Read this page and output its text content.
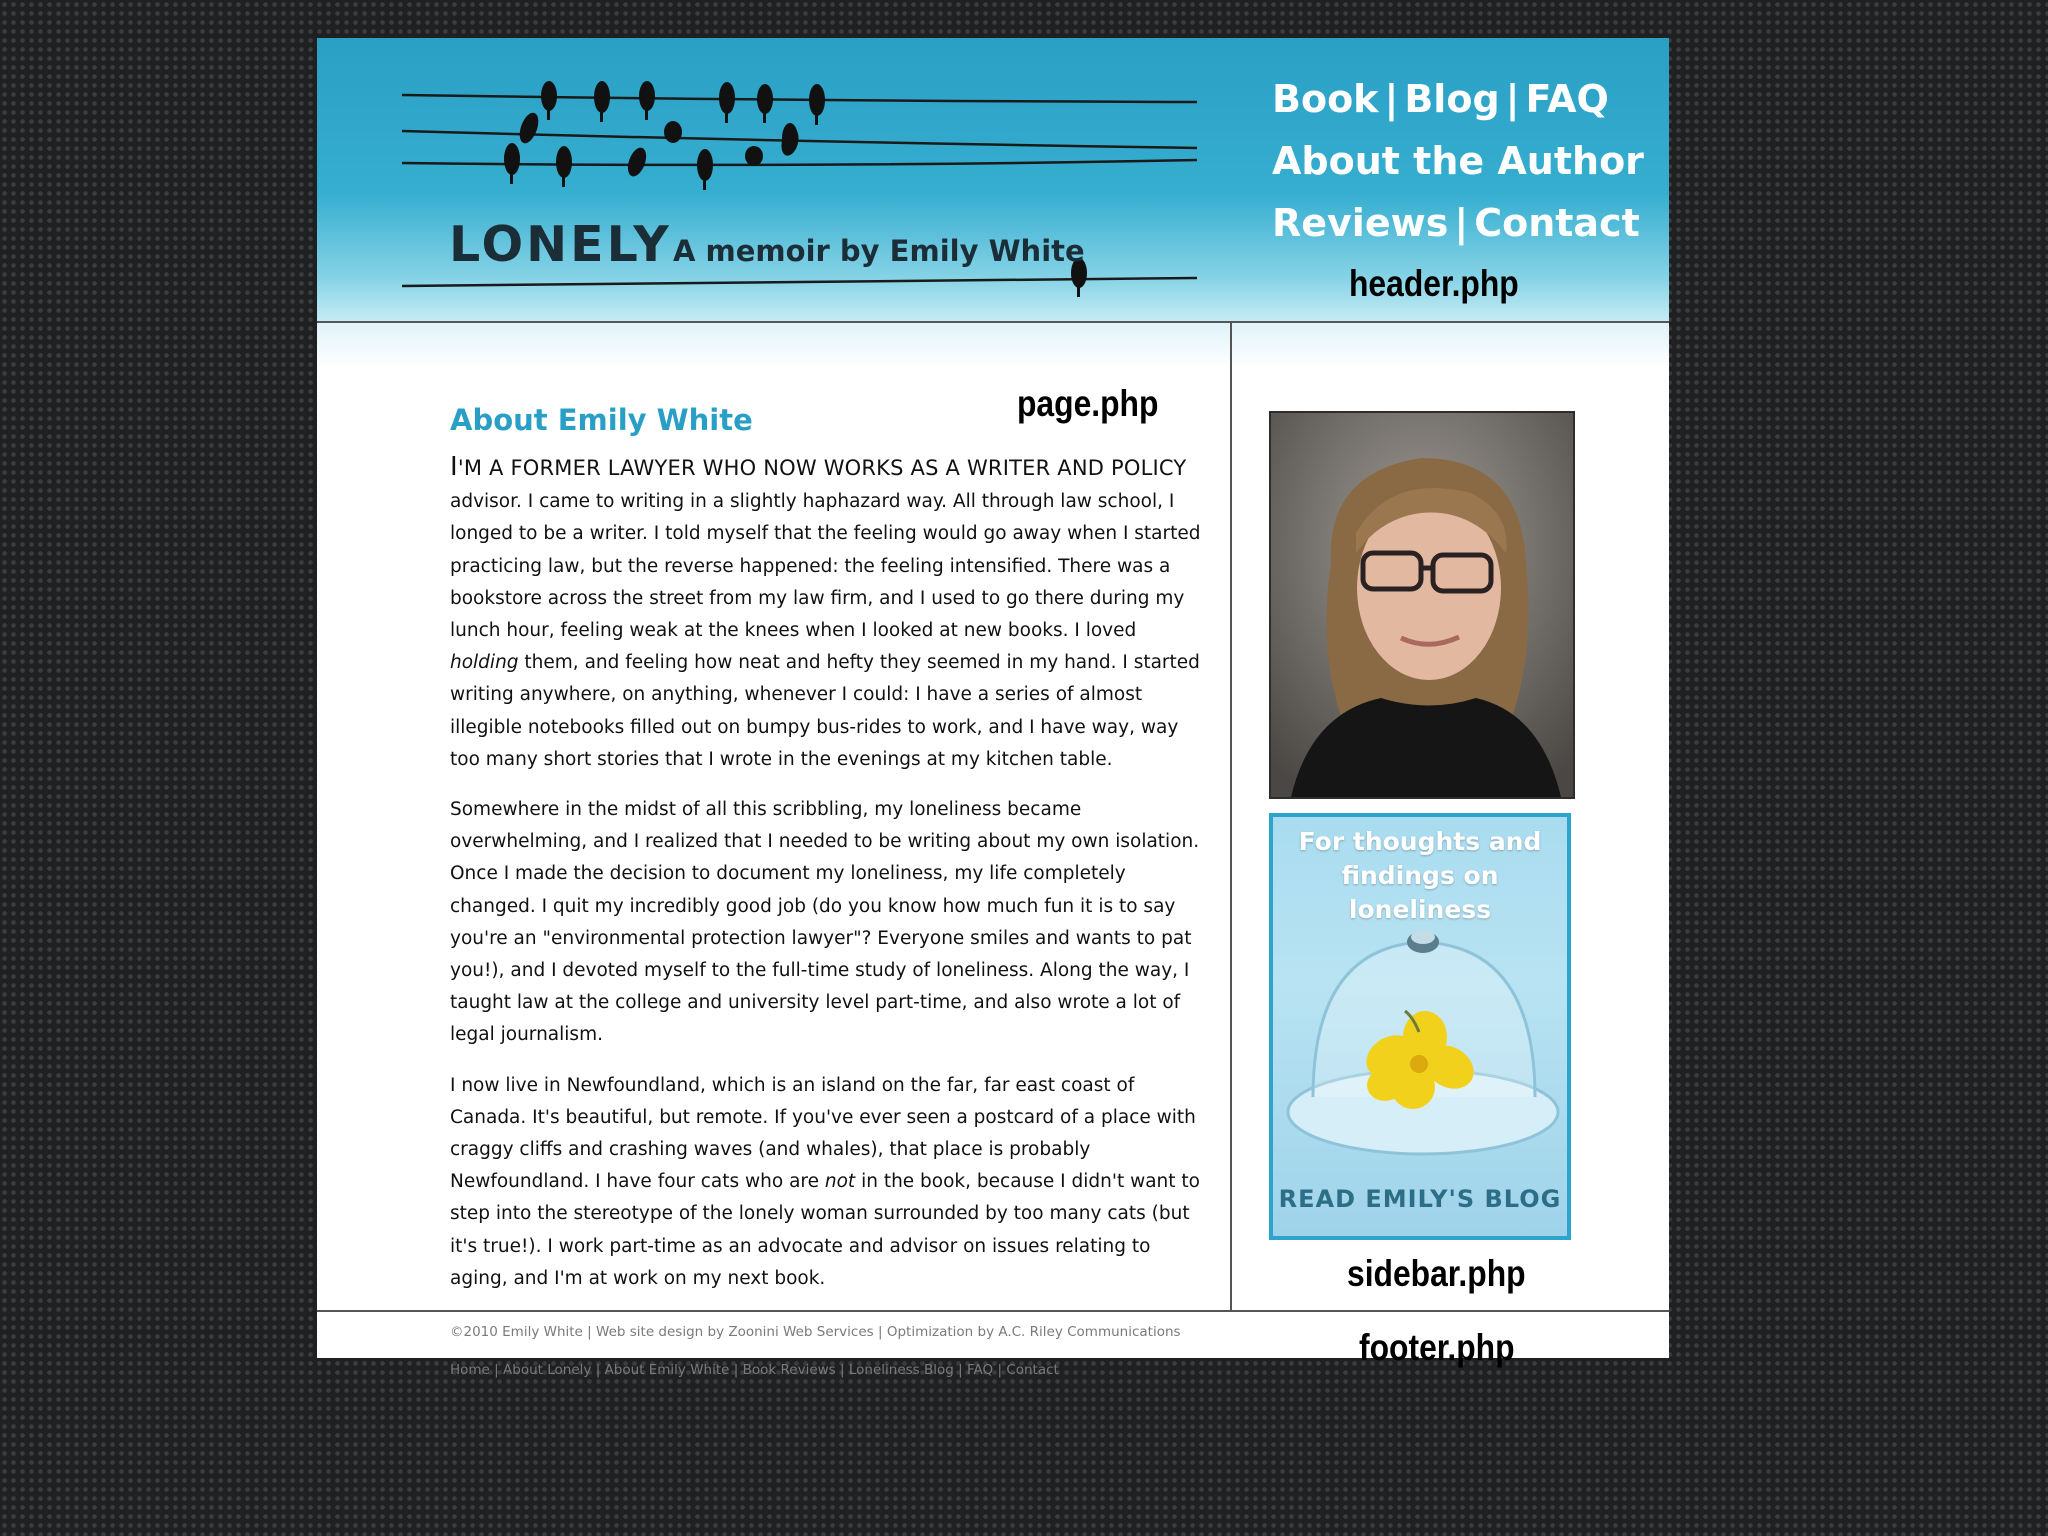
LONELY A memoir by Emily White
Book | Blog | FAQ
About the Author
Reviews | Contact
header.php
page.php
About Emily White

I'M A FORMER LAWYER WHO NOW WORKS AS A WRITER AND POLICY advisor. I came to writing in a slightly haphazard way. All through law school, I longed to be a writer. I told myself that the feeling would go away when I started practicing law, but the reverse happened: the feeling intensified. There was a bookstore across the street from my law firm, and I used to go there during my lunch hour, feeling weak at the knees when I looked at new books. I loved holding them, and feeling how neat and hefty they seemed in my hand. I started writing anywhere, on anything, whenever I could: I have a series of almost illegible notebooks filled out on bumpy bus-rides to work, and I have way, way too many short stories that I wrote in the evenings at my kitchen table.

Somewhere in the midst of all this scribbling, my loneliness became overwhelming, and I realized that I needed to be writing about my own isolation. Once I made the decision to document my loneliness, my life completely changed. I quit my incredibly good job (do you know how much fun it is to say you're an "environmental protection lawyer"? Everyone smiles and wants to pat you!), and I devoted myself to the full-time study of loneliness. Along the way, I taught law at the college and university level part-time, and also wrote a lot of legal journalism.

I now live in Newfoundland, which is an island on the far, far east coast of Canada. It's beautiful, but remote. If you've ever seen a postcard of a place with craggy cliffs and crashing waves (and whales), that place is probably Newfoundland. I have four cats who are not in the book, because I didn't want to step into the stereotype of the lonely woman surrounded by too many cats (but it's true!). I work part-time as an advocate and advisor on issues relating to aging, and I'm at work on my next book.

For thoughts and findings on loneliness
READ EMILY'S BLOG
sidebar.php
©2010 Emily White | Web site design by Zoonini Web Services | Optimization by A.C. Riley Communications
Home | About Lonely | About Emily White | Book Reviews | Loneliness Blog | FAQ | Contact
footer.php
